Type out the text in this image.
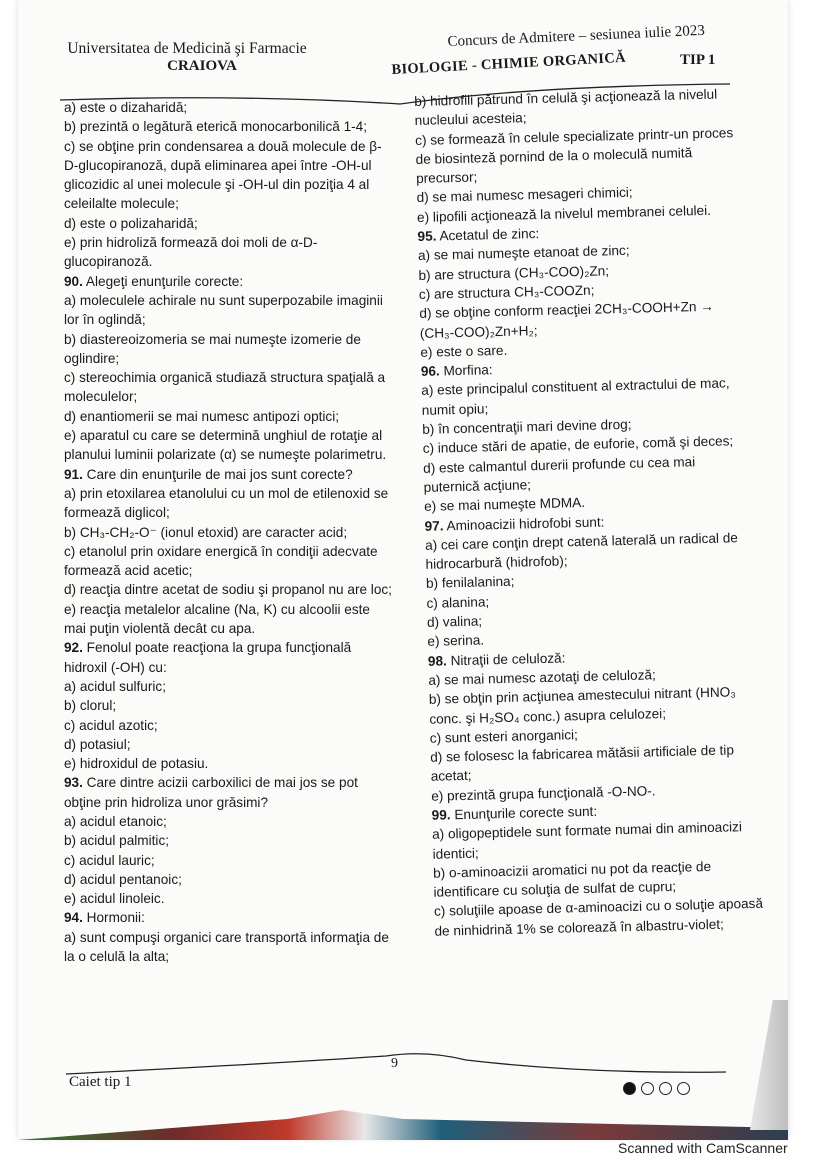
Universitatea de Medicină şi Farmacie
CRAIOVA
Concurs de Admitere – sesiunea iulie 2023
BIOLOGIE - CHIMIE ORGANICĂ	TIP 1

a) este o dizaharidă;

b) prezintă o legătură eterică monocarbonilică 1-4;

c) se obţine prin condensarea a două molecule de β-D-glucopiranoză, după eliminarea apei între -OH-ul glicozidic al unei molecule şi -OH-ul din poziţia 4 al celeilalte molecule;

d) este o polizaharidă;

e) prin hidroliză formează doi moli de α-D-glucopiranoză.

90. Alegeţi enunţurile corecte:

a) moleculele achirale nu sunt superpozabile imaginii lor în oglindă;

b) diastereoizomeria se mai numeşte izomerie de oglindire;

c) stereochimia organică studiază structura spaţială a moleculelor;

d) enantiomerii se mai numesc antipozi optici;

e) aparatul cu care se determină unghiul de rotaţie al planului luminii polarizate (α) se numeşte polarimetru.

91. Care din enunţurile de mai jos sunt corecte?

a) prin etoxilarea etanolului cu un mol de etilenoxid se formează diglicol;

b) CH₃-CH₂-O⁻ (ionul etoxid) are caracter acid;

c) etanolul prin oxidare energică în condiţii adecvate formează acid acetic;

d) reacţia dintre acetat de sodiu şi propanol nu are loc;

e) reacţia metalelor alcaline (Na, K) cu alcoolii este mai puţin violentă decât cu apa.

92. Fenolul poate reacţiona la grupa funcţională hidroxil (-OH) cu:

a) acidul sulfuric;

b) clorul;

c) acidul azotic;

d) potasiul;

e) hidroxidul de potasiu.

93. Care dintre acizii carboxilici de mai jos se pot obţine prin hidroliza unor grăsimi?

a) acidul etanoic;

b) acidul palmitic;

c) acidul lauric;

d) acidul pentanoic;

e) acidul linoleic.

94. Hormonii:

a) sunt compuşi organici care transportă informaţia de la o celulă la alta;

b) hidrofili pătrund în celulă şi acţionează la nivelul nucleului acesteia;

c) se formează în celule specializate printr-un proces de biosinteză pornind de la o moleculă numită precursor;

d) se mai numesc mesageri chimici;

e) lipofili acţionează la nivelul membranei celulei.

95. Acetatul de zinc:

a) se mai numeşte etanoat de zinc;

b) are structura (CH₃-COO)₂Zn;

c) are structura CH₃-COOZn;

d) se obţine conform reacţiei 2CH₃-COOH+Zn → (CH₃-COO)₂Zn+H₂;

e) este o sare.

96. Morfina:

a) este principalul constituent al extractului de mac, numit opiu;

b) în concentraţii mari devine drog;

c) induce stări de apatie, de euforie, comă şi deces;

d) este calmantul durerii profunde cu cea mai puternică acţiune;

e) se mai numeşte MDMA.

97. Aminoacizii hidrofobi sunt:

a) cei care conţin drept catenă laterală un radical de hidrocarbură (hidrofob);

b) fenilalanina;

c) alanina;

d) valina;

e) serina.

98. Nitraţii de celuloză:

a) se mai numesc azotaţi de celuloză;

b) se obţin prin acţiunea amestecului nitrant (HNO₃ conc. şi H₂SO₄ conc.) asupra celulozei;

c) sunt esteri anorganici;

d) se folosesc la fabricarea mătăsii artificiale de tip acetat;

e) prezintă grupa funcţională -O-NO-.

99. Enunţurile corecte sunt:

a) oligopeptidele sunt formate numai din aminoacizi identici;

b) o-aminoacizii aromatici nu pot da reacţie de identificare cu soluţia de sulfat de cupru;

c) soluţiile apoase de α-aminoacizi cu o soluţie apoasă de ninhidrină 1% se colorează în albastru-violet;

9
Caiet tip 1
Scanned with CamScanner
